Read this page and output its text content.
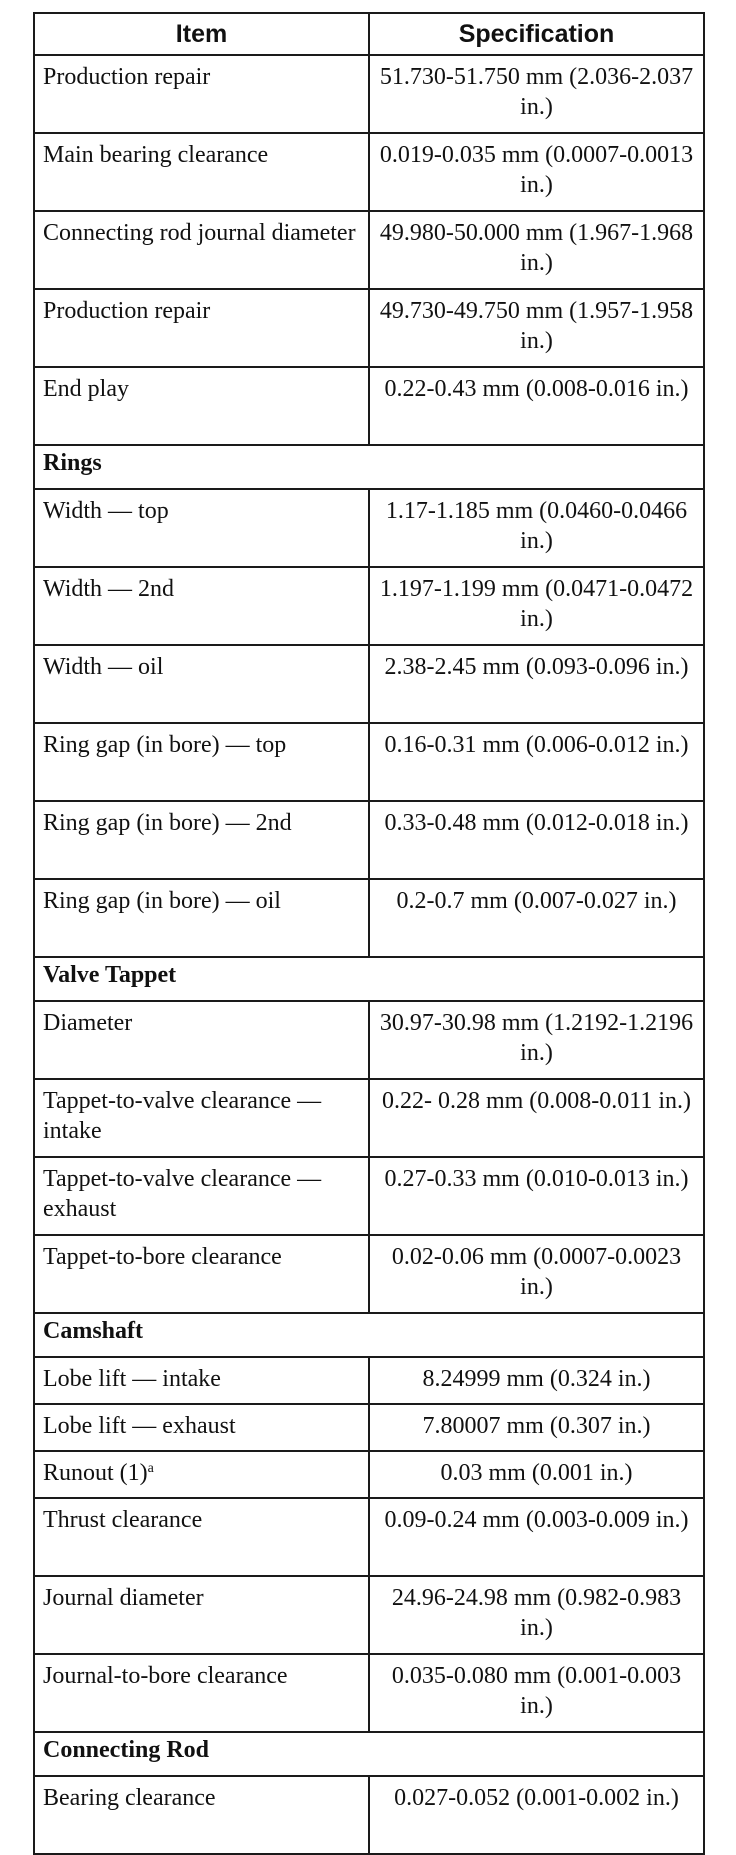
Item	Specification
Production repair	51.730-51.750 mm (2.036-2.037 in.)
Main bearing clearance	0.019-0.035 mm (0.0007-0.0013 in.)
Connecting rod journal diameter	49.980-50.000 mm (1.967-1.968 in.)
Production repair	49.730-49.750 mm (1.957-1.958 in.)
End play	0.22-0.43 mm (0.008-0.016 in.)
Rings	
Width — top	1.17-1.185 mm (0.0460-0.0466 in.)
Width — 2nd	1.197-1.199 mm (0.0471-0.0472 in.)
Width — oil	2.38-2.45 mm (0.093-0.096 in.)
Ring gap (in bore) — top	0.16-0.31 mm (0.006-0.012 in.)
Ring gap (in bore) — 2nd	0.33-0.48 mm (0.012-0.018 in.)
Ring gap (in bore) — oil	0.2-0.7 mm (0.007-0.027 in.)
Valve Tappet	
Diameter	30.97-30.98 mm (1.2192-1.2196 in.)
Tappet-to-valve clearance — intake	0.22- 0.28 mm (0.008-0.011 in.)
Tappet-to-valve clearance — exhaust	0.27-0.33 mm (0.010-0.013 in.)
Tappet-to-bore clearance	0.02-0.06 mm (0.0007-0.0023 in.)
Camshaft	
Lobe lift — intake	8.24999 mm (0.324 in.)
Lobe lift — exhaust	7.80007 mm (0.307 in.)
Runout $(1)^a$	0.03 mm (0.001 in.)
Thrust clearance	0.09-0.24 mm (0.003-0.009 in.)
Journal diameter	24.96-24.98 mm (0.982-0.983 in.)
Journal-to-bore clearance	0.035-0.080 mm (0.001-0.003 in.)
Connecting Rod	
Bearing clearance	0.027-0.052 (0.001-0.002 in.)
